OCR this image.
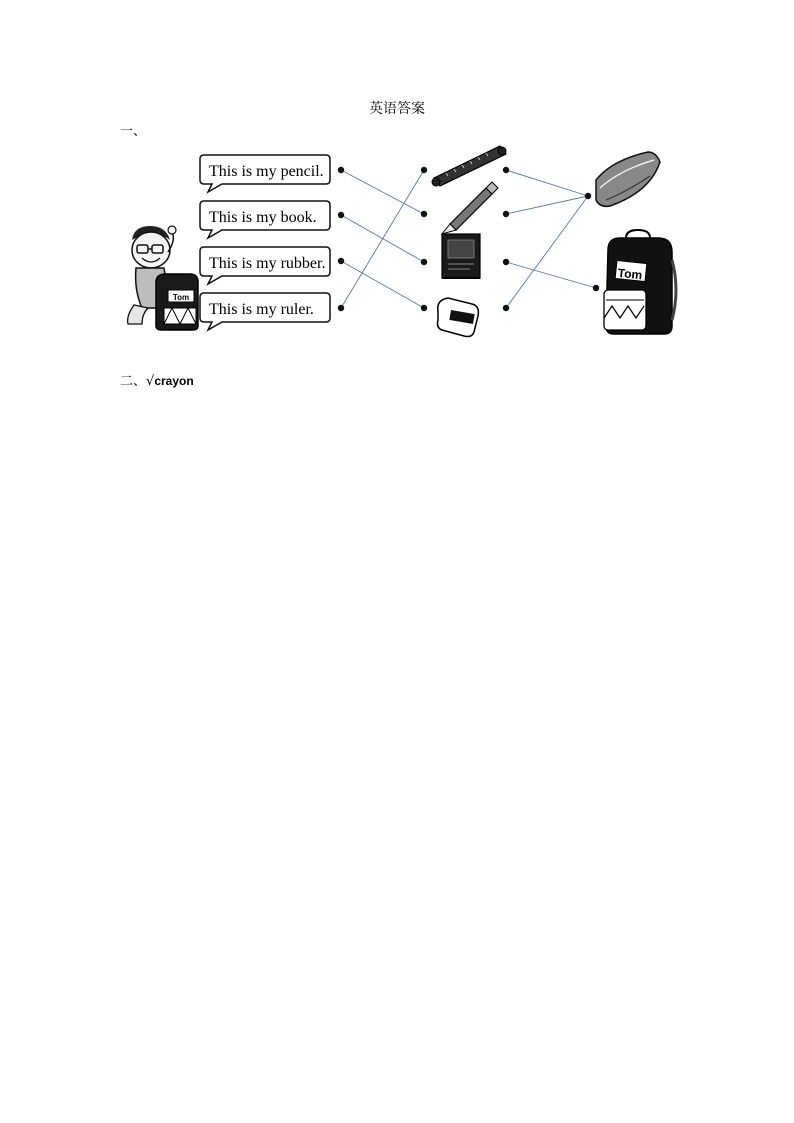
英语答案
一、
Tom
This is my pencil.
This is my book.
This is my rubber.
This is my ruler.
Tom
二、√crayon
